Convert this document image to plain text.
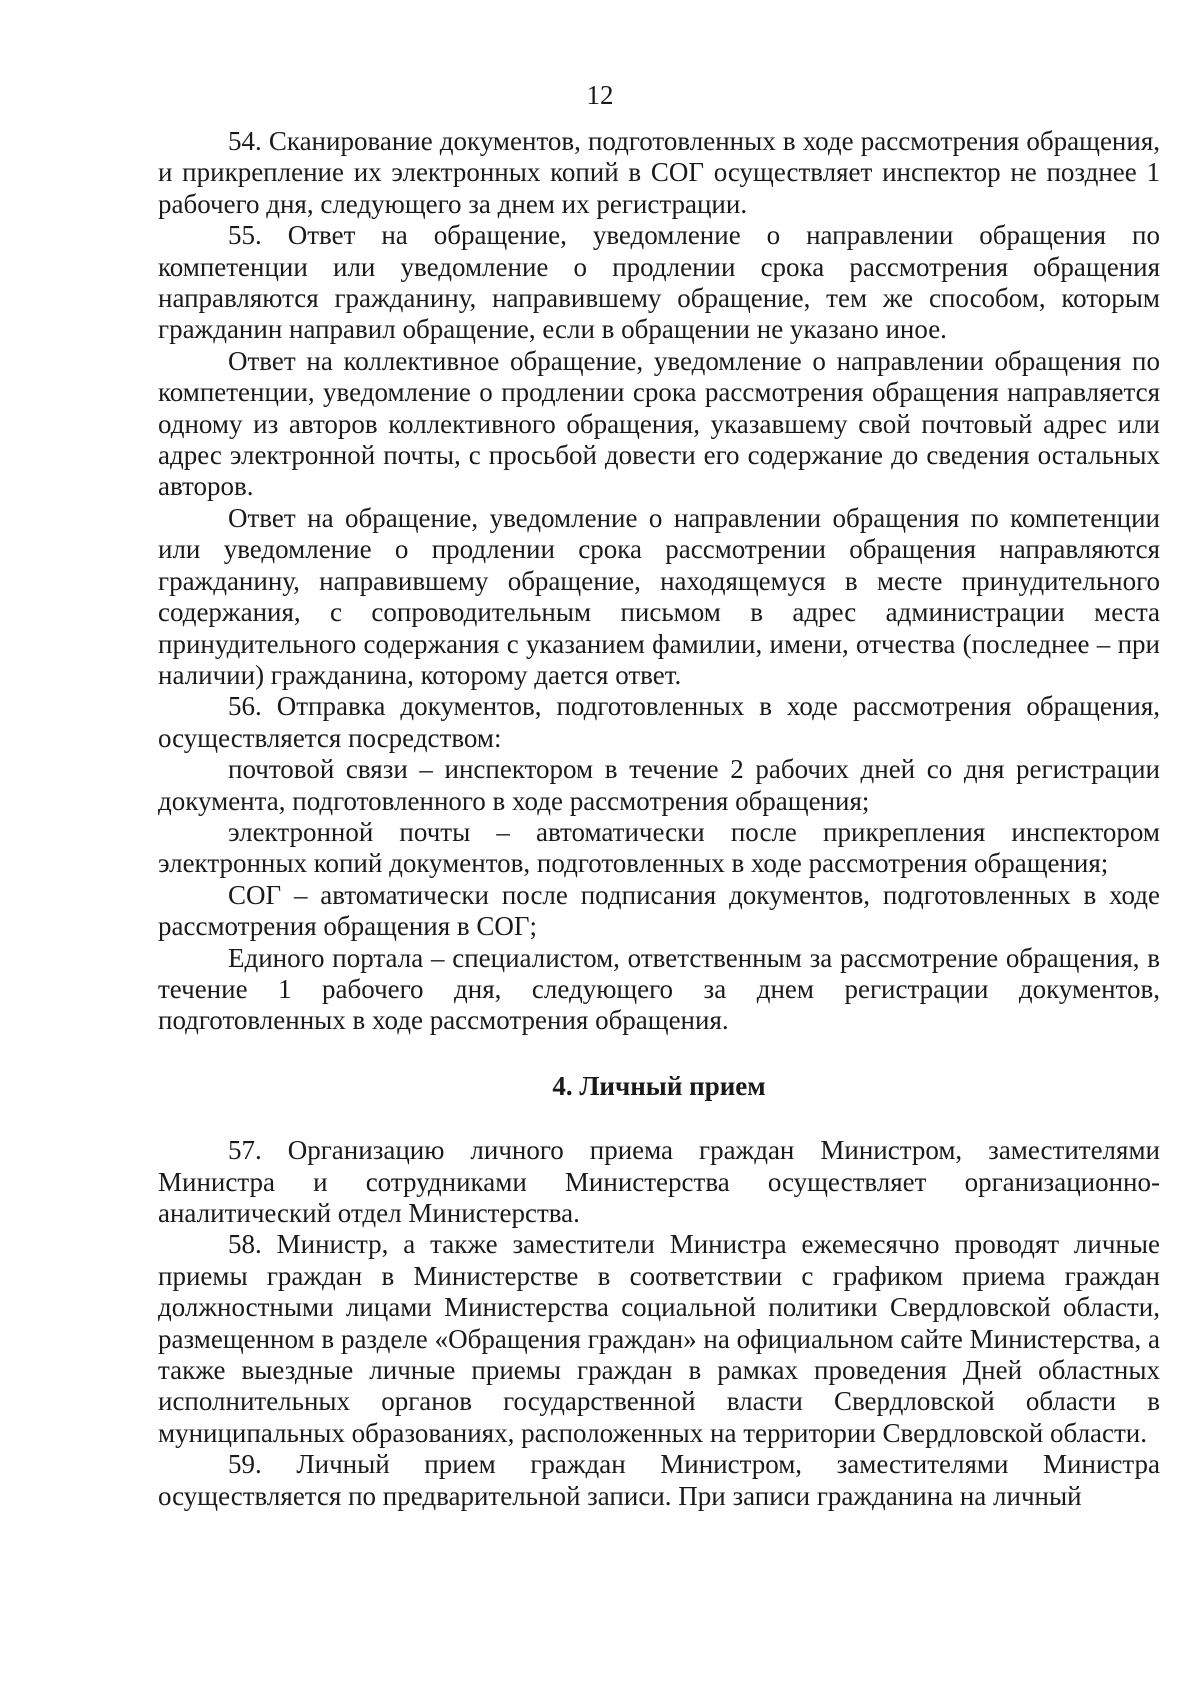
12

54. Сканирование документов, подготовленных в ходе рассмотрения обращения, и прикрепление их электронных копий в СОГ осуществляет инспектор не позднее 1 рабочего дня, следующего за днем их регистрации.

55. Ответ на обращение, уведомление о направлении обращения по компетенции или уведомление о продлении срока рассмотрения обращения направляются гражданину, направившему обращение, тем же способом, которым гражданин направил обращение, если в обращении не указано иное.

Ответ на коллективное обращение, уведомление о направлении обращения по компетенции, уведомление о продлении срока рассмотрения обращения направляется одному из авторов коллективного обращения, указавшему свой почтовый адрес или адрес электронной почты, с просьбой довести его содержание до сведения остальных авторов.

Ответ на обращение, уведомление о направлении обращения по компетенции или уведомление о продлении срока рассмотрении обращения направляются гражданину, направившему обращение, находящемуся в месте принудительного содержания, с сопроводительным письмом в адрес администрации места принудительного содержания с указанием фамилии, имени, отчества (последнее – при наличии) гражданина, которому дается ответ.

56. Отправка документов, подготовленных в ходе рассмотрения обращения, осуществляется посредством:

почтовой связи – инспектором в течение 2 рабочих дней со дня регистрации документа, подготовленного в ходе рассмотрения обращения;

электронной почты – автоматически после прикрепления инспектором электронных копий документов, подготовленных в ходе рассмотрения обращения;

СОГ – автоматически после подписания документов, подготовленных в ходе рассмотрения обращения в СОГ;

Единого портала – специалистом, ответственным за рассмотрение обращения, в течение 1 рабочего дня, следующего за днем регистрации документов, подготовленных в ходе рассмотрения обращения.

4. Личный прием

57. Организацию личного приема граждан Министром, заместителями Министра и сотрудниками Министерства осуществляет организационно-аналитический отдел Министерства.

58. Министр, а также заместители Министра ежемесячно проводят личные приемы граждан в Министерстве в соответствии с графиком приема граждан должностными лицами Министерства социальной политики Свердловской области, размещенном в разделе «Обращения граждан» на официальном сайте Министерства, а также выездные личные приемы граждан в рамках проведения Дней областных исполнительных органов государственной власти Свердловской области в муниципальных образованиях, расположенных на территории Свердловской области.

59. Личный прием граждан Министром, заместителями Министра осуществляется по предварительной записи. При записи гражданина на личный
